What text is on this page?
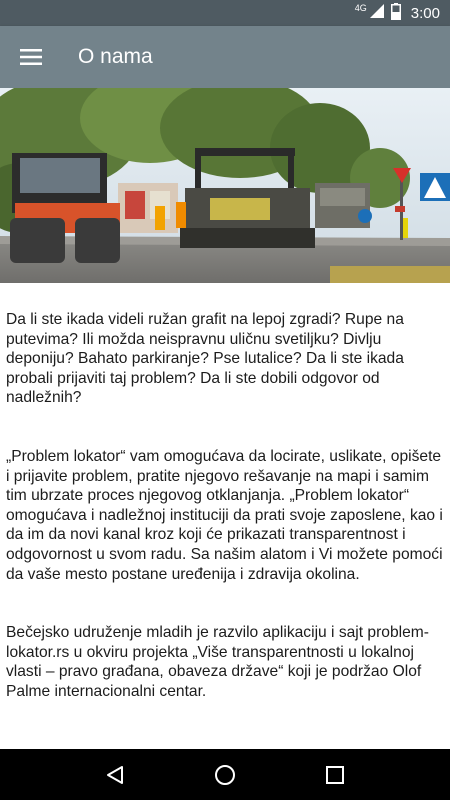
4G	3:00
O nama

Da li ste ikada videli ružan grafit na lepoj zgradi? Rupe na putevima? Ili možda neispravnu uličnu svetiljku? Divlju deponiju? Bahato parkiranje? Pse lutalice? Da li ste ikada probali prijaviti taj problem? Da li ste dobili odgovor od nadležnih?

„Problem lokator“ vam omogućava da locirate, uslikate, opišete i prijavite problem, pratite njegovo rešavanje na mapi i samim tim ubrzate proces njegovog otklanjanja. „Problem lokator“ omogućava i nadležnoj instituciji da prati svoje zaposlene, kao i da im da novi kanal kroz koji će prikazati transparentnost i odgovornost u svom radu. Sa našim alatom i Vi možete pomoći da vaše mesto postane uređenija i zdravija okolina.

Bečejsko udruženje mladih je razvilo aplikaciju i sajt problem-lokator.rs u okviru projekta „Više transparentnosti u lokalnoj vlasti – pravo građana, obaveza države“ koji je podržao Olof Palme internacionalni centar.
